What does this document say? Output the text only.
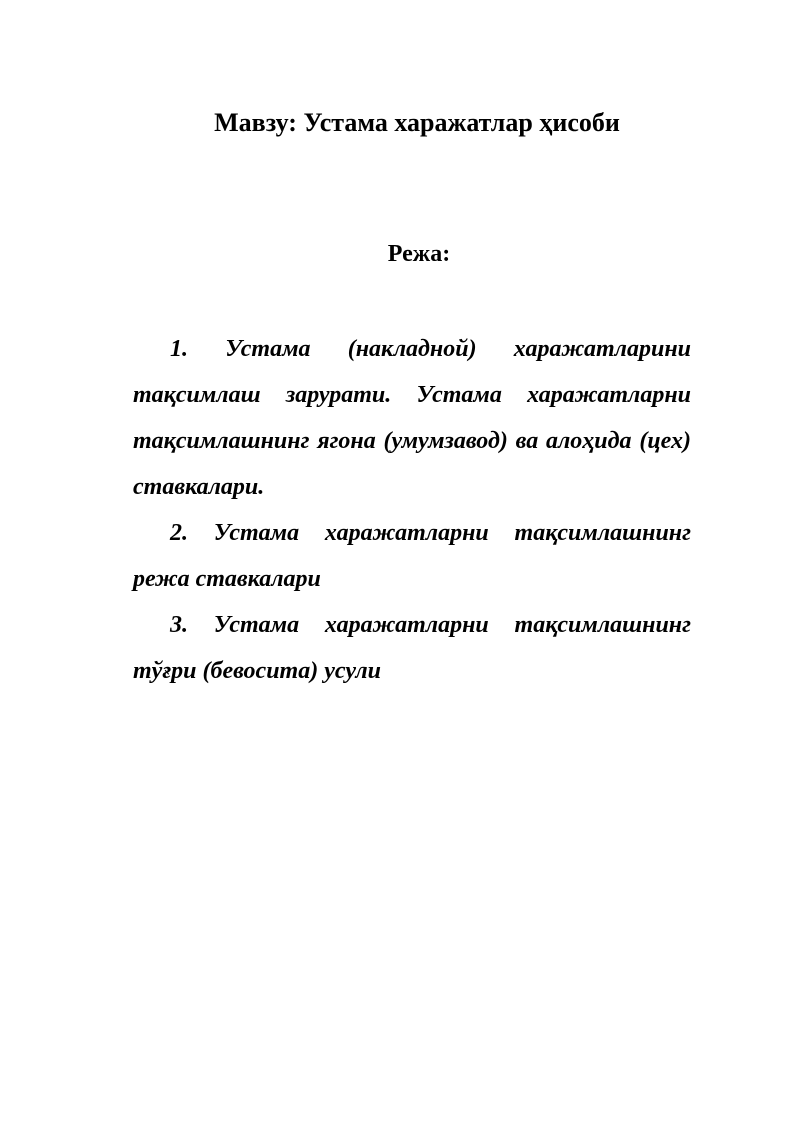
Мавзу: Устама харажатлар ҳисоби
Режа:
1. Устама (накладной) харажатларини тақсимлаш зарурати. Устама харажатларни тақсимлашнинг ягона (умумзавод) ва алоҳида (цех) ставкалари.
2. Устама харажатларни тақсимлашнинг режа ставкалари
3. Устама харажатларни тақсимлашнинг тўғри (бевосита) усули
